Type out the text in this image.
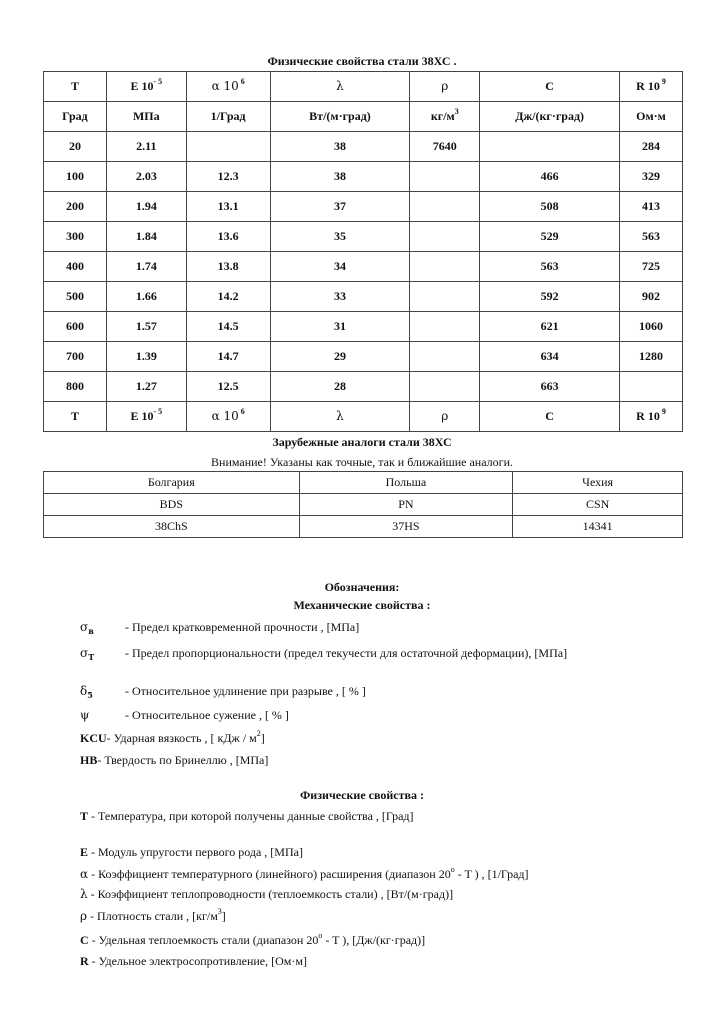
Физические свойства стали 38ХС .
T	E $10^{- 5}$	α 10 $^6$	λ	ρ	C	R 10 $^9$
Град	МПа	1/Град	Вт/(м·град)	$кг/м^3$	Дж/(кг·град)	Ом·м
20	2.11		38	7640		284
100	2.03	12.3	38		466	329
200	1.94	13.1	37		508	413
300	1.84	13.6	35		529	563
400	1.74	13.8	34		563	725
500	1.66	14.2	33		592	902
600	1.57	14.5	31		621	1060
700	1.39	14.7	29		634	1280
800	1.27	12.5	28		663	
T	E $10^{- 5}$	α 10 $^6$	λ	ρ	C	R 10 $^9$
Зарубежные аналоги стали 38ХС
Внимание! Указаны как точные, так и ближайшие аналоги.
Болгария	Польша	Чехия
BDS	PN	CSN
38ChS	37HS	14341
Обозначения:
Механические свойства :
$\sigma_в$	- Предел кратковременной прочности , [МПа]
$\sigma_T$	- Предел пропорциональности (предел текучести для остаточной деформации), [МПа]
$\delta_5$	- Относительное удлинение при разрыве , [ % ]
ψ	- Относительное сужение , [ % ]
KCU- Ударная вязкость , [ кДж / $м^2$]
HB- Твердость по Бринеллю , [МПа]
Физические свойства :
T - Температура, при которой получены данные свойства , [Град]
E - Модуль упругости первого рода , [МПа]
α - Коэффициент температурного (линейного) расширения (диапазон 20$^o$ - T ) , [1/Град]
λ - Коэффициент теплопроводности (теплоемкость стали) , [Вт/(м·град)]
ρ - Плотность стали , $[кг/м^3]$
C - Удельная теплоемкость стали (диапазон 20$^o$ - T ), [Дж/(кг·град)]
R - Удельное электросопротивление, [Ом·м]
